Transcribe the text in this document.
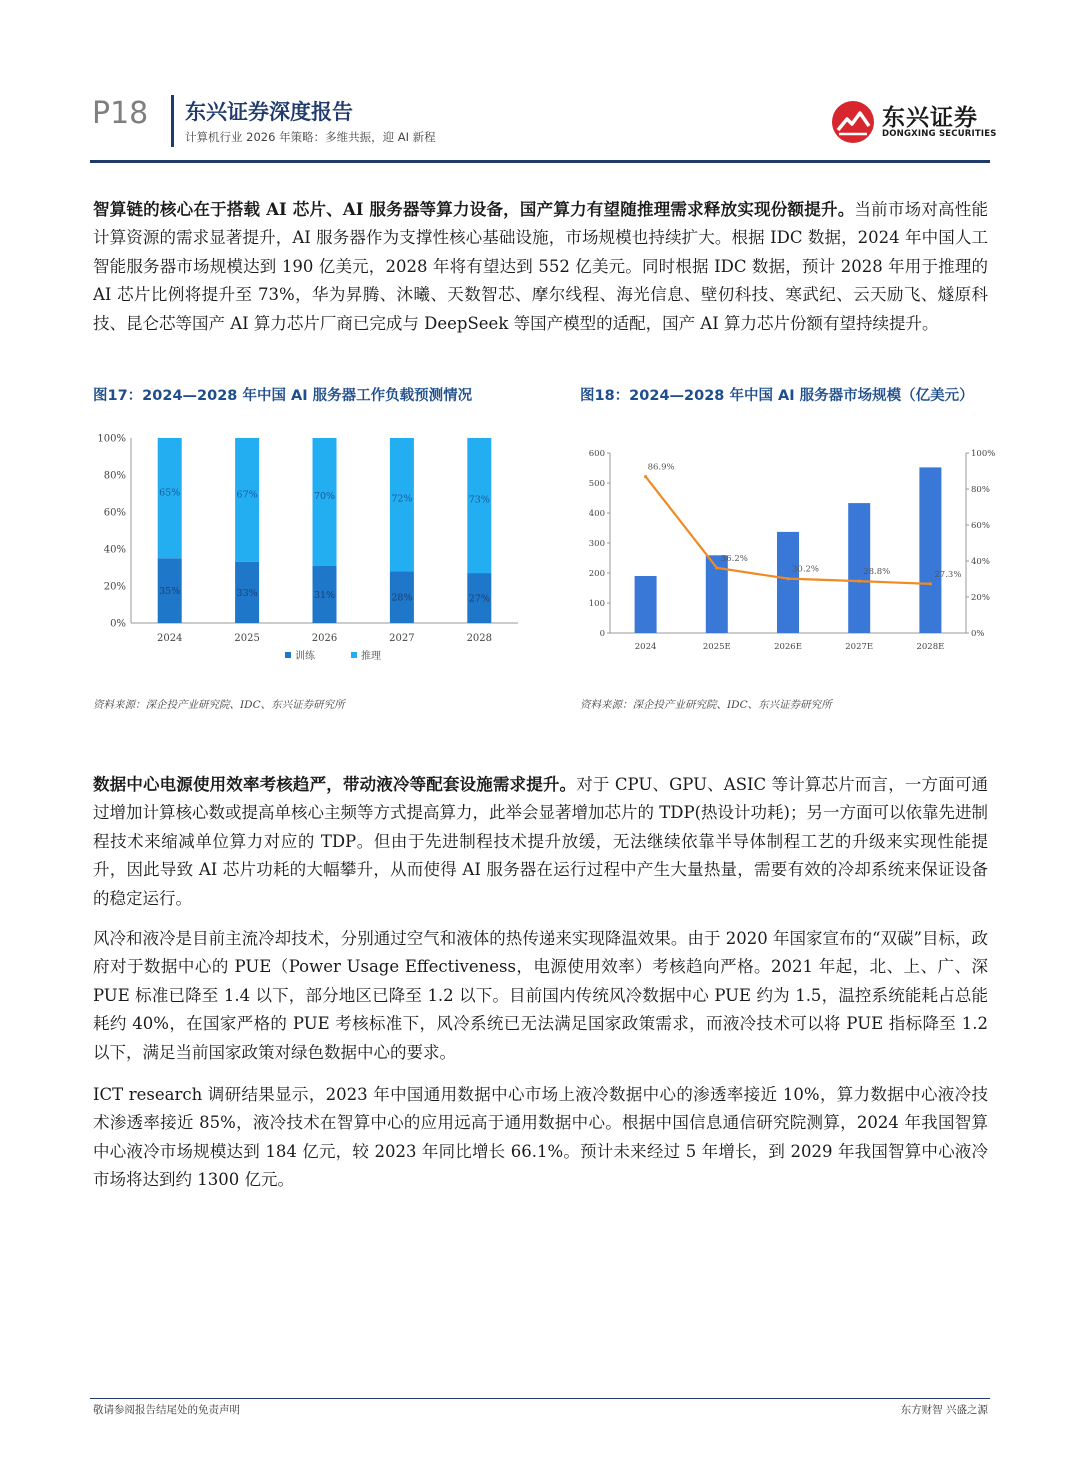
P18 东兴证券深度报告
计算机行业 2026 年策略：多维共振，迎 AI 新程
东兴证券
DONGXING SECURITIES

智算链的核心在于搭载 AI 芯片、AI 服务器等算力设备，国产算力有望随推理需求释放实现份额提升。当前市场对高性能计算资源的需求显著提升，AI 服务器作为支撑性核心基础设施，市场规模也持续扩大。根据 IDC 数据，2024 年中国人工智能服务器市场规模达到 190 亿美元，2028 年将有望达到 552 亿美元。同时根据 IDC 数据，预计 2028 年用于推理的 AI 芯片比例将提升至 73%，华为昇腾、沐曦、天数智芯、摩尔线程、海光信息、壁仞科技、寒武纪、云天励飞、燧原科技、昆仑芯等国产 AI 算力芯片厂商已完成与 DeepSeek 等国产模型的适配，国产 AI 算力芯片份额有望持续提升。

图17：2024—2028 年中国 AI 服务器工作负载预测情况	图18：2024—2028 年中国 AI 服务器市场规模（亿美元）
0%
20%
40%
60%
80%
100%
35%
65%
2024
33%
67%
2025
31%
70%
2026
28%
72%
2027
27%
73%
2028
训练	推理
0
100
200
300
400
500
600
0%
20%
40%
60%
80%
100%
2024	2025E	2026E	2027E	2028E
86.9%
36.2%
30.2%	28.8%	27.3%
资料来源：深企投产业研究院、IDC、东兴证券研究所	资料来源：深企投产业研究院、IDC、东兴证券研究所

数据中心电源使用效率考核趋严，带动液冷等配套设施需求提升。对于 CPU、GPU、ASIC 等计算芯片而言，一方面可通过增加计算核心数或提高单核心主频等方式提高算力，此举会显著增加芯片的 TDP(热设计功耗)；另一方面可以依靠先进制程技术来缩减单位算力对应的 TDP。但由于先进制程技术提升放缓，无法继续依靠半导体制程工艺的升级来实现性能提升，因此导致 AI 芯片功耗的大幅攀升，从而使得 AI 服务器在运行过程中产生大量热量，需要有效的冷却系统来保证设备的稳定运行。

风冷和液冷是目前主流冷却技术，分别通过空气和液体的热传递来实现降温效果。由于 2020 年国家宣布的“双碳”目标，政府对于数据中心的 PUE（Power Usage Effectiveness，电源使用效率）考核趋向严格。2021 年起，北、上、广、深 PUE 标准已降至 1.4 以下，部分地区已降至 1.2 以下。目前国内传统风冷数据中心 PUE 约为 1.5，温控系统能耗占总能耗约 40%，在国家严格的 PUE 考核标准下，风冷系统已无法满足国家政策需求，而液冷技术可以将 PUE 指标降至 1.2 以下，满足当前国家政策对绿色数据中心的要求。

ICT research 调研结果显示，2023 年中国通用数据中心市场上液冷数据中心的渗透率接近 10%，算力数据中心液冷技术渗透率接近 85%，液冷技术在智算中心的应用远高于通用数据中心。根据中国信息通信研究院测算，2024 年我国智算中心液冷市场规模达到 184 亿元，较 2023 年同比增长 66.1%。预计未来经过 5 年增长，到 2029 年我国智算中心液冷市场将达到约 1300 亿元。

敬请参阅报告结尾处的免责声明	东方财智 兴盛之源
